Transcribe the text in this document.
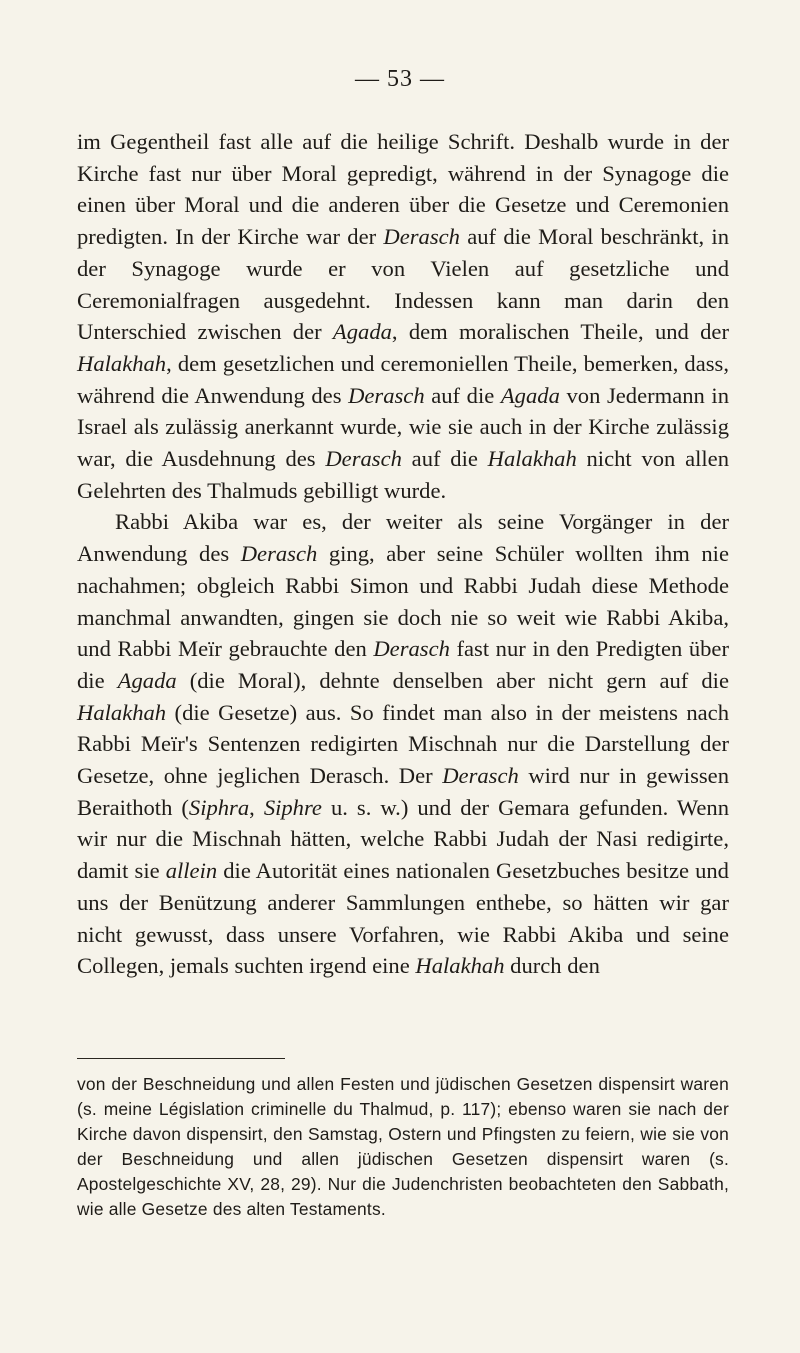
— 53 —

im Gegentheil fast alle auf die heilige Schrift. Deshalb wurde in der Kirche fast nur über Moral gepredigt, während in der Synagoge die einen über Moral und die anderen über die Gesetze und Ceremonien predigten. In der Kirche war der Derasch auf die Moral beschränkt, in der Synagoge wurde er von Vielen auf gesetzliche und Ceremonialfragen ausgedehnt. Indessen kann man darin den Unterschied zwischen der Agada, dem moralischen Theile, und der Halakhah, dem gesetzlichen und ceremoniellen Theile, bemerken, dass, während die Anwendung des Derasch auf die Agada von Jedermann in Israel als zulässig anerkannt wurde, wie sie auch in der Kirche zulässig war, die Ausdehnung des Derasch auf die Halakhah nicht von allen Gelehrten des Thalmuds gebilligt wurde.

Rabbi Akiba war es, der weiter als seine Vorgänger in der Anwendung des Derasch ging, aber seine Schüler wollten ihm nie nachahmen; obgleich Rabbi Simon und Rabbi Judah diese Methode manchmal anwandten, gingen sie doch nie so weit wie Rabbi Akiba, und Rabbi Meïr gebrauchte den Derasch fast nur in den Predigten über die Agada (die Moral), dehnte denselben aber nicht gern auf die Halakhah (die Gesetze) aus. So findet man also in der meistens nach Rabbi Meïr's Sentenzen redigirten Mischnah nur die Darstellung der Gesetze, ohne jeglichen Derasch. Der Derasch wird nur in gewissen Beraithoth (Siphra, Siphre u. s. w.) und der Gemara gefunden. Wenn wir nur die Mischnah hätten, welche Rabbi Judah der Nasi redigirte, damit sie allein die Autorität eines nationalen Gesetzbuches besitze und uns der Benützung anderer Sammlungen enthebe, so hätten wir gar nicht gewusst, dass unsere Vorfahren, wie Rabbi Akiba und seine Collegen, jemals suchten irgend eine Halakhah durch den

von der Beschneidung und allen Festen und jüdischen Gesetzen dispensirt waren (s. meine Législation criminelle du Thalmud, p. 117); ebenso waren sie nach der Kirche davon dispensirt, den Samstag, Ostern und Pfingsten zu feiern, wie sie von der Beschneidung und allen jüdischen Gesetzen dispensirt waren (s. Apostelgeschichte XV, 28, 29). Nur die Judenchristen beobachteten den Sabbath, wie alle Gesetze des alten Testaments.
